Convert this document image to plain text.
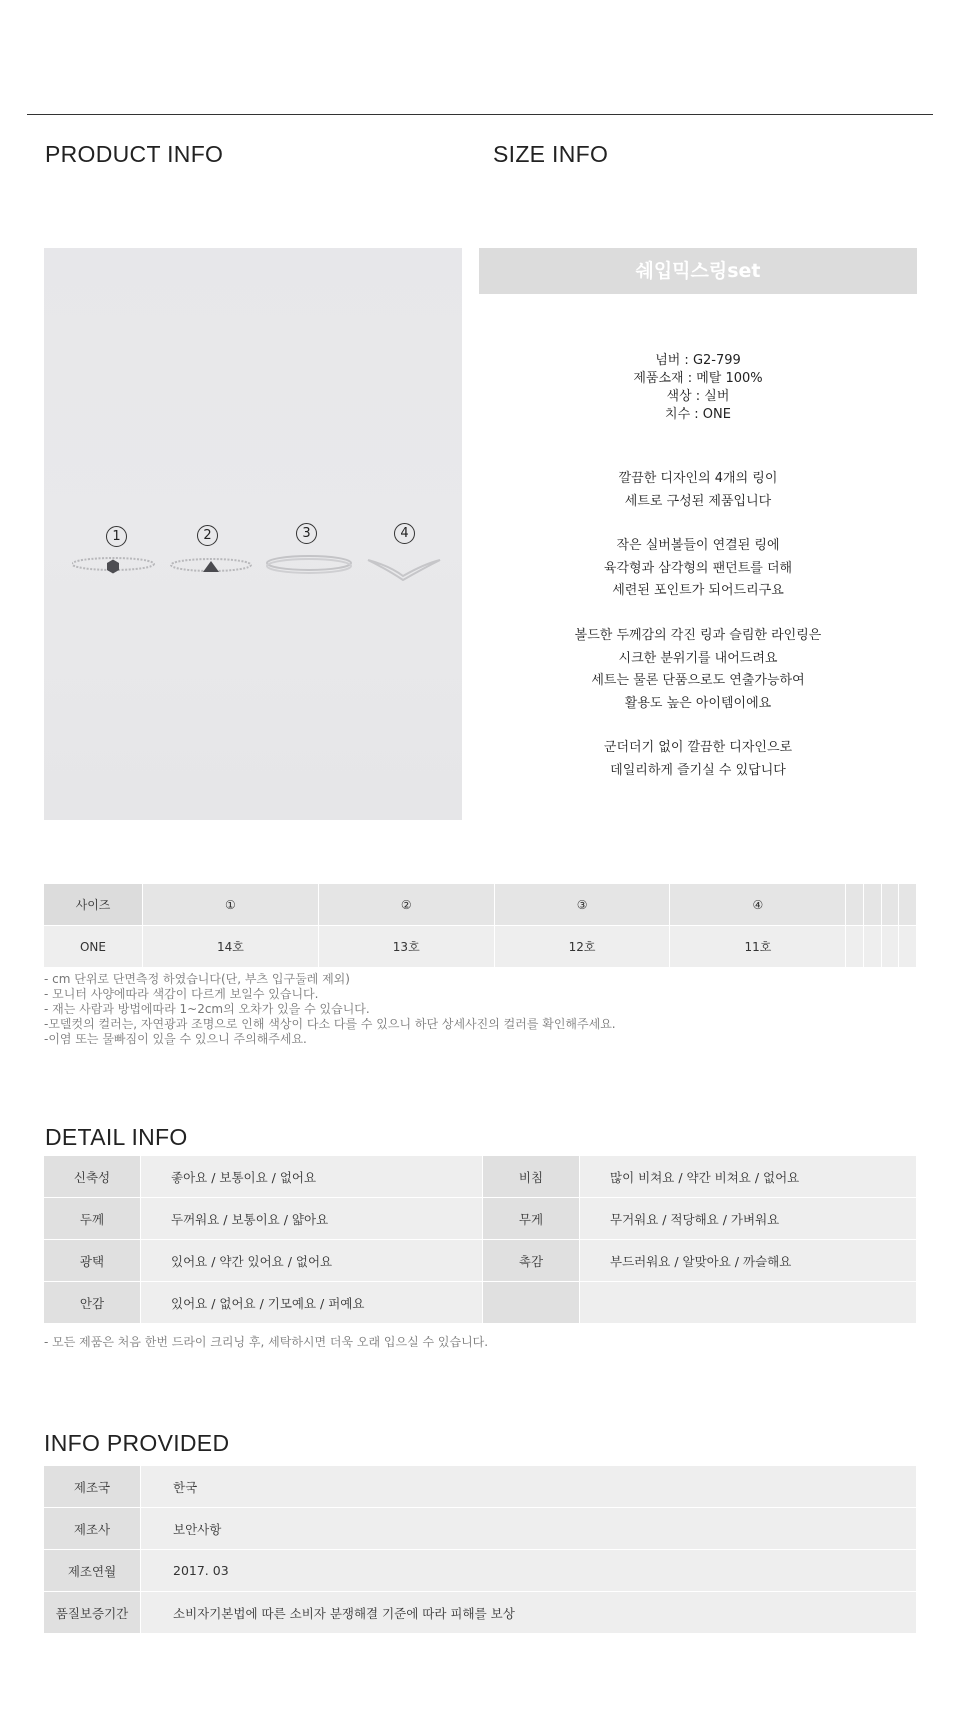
PRODUCT INFO	SIZE INFO
1	2	3	4
쉐입믹스링set
넘버 : G2-799
제품소재 : 메탈 100%
색상 : 실버
치수 : ONE
깔끔한 디자인의 4개의 링이
세트로 구성된 제품입니다
작은 실버볼들이 연결된 링에
육각형과 삼각형의 팬던트를 더해
세련된 포인트가 되어드리구요
볼드한 두께감의 각진 링과 슬림한 라인링은
시크한 분위기를 내어드려요
세트는 물론 단품으로도 연출가능하여
활용도 높은 아이템이에요
군더더기 없이 깔끔한 디자인으로
데일리하게 즐기실 수 있답니다
사이즈	①	②	③	④				
ONE	14호	13호	12호	11호				
- cm 단위로 단면측정 하였습니다(단, 부츠 입구둘레 제외)
- 모니터 사양에따라 색감이 다르게 보일수 있습니다.
- 재는 사람과 방법에따라 1~2cm의 오차가 있을 수 있습니다.
-모델컷의 컬러는, 자연광과 조명으로 인해 색상이 다소 다를 수 있으니 하단 상세사진의 컬러를 확인해주세요.
-이염 또는 물빠짐이 있을 수 있으니 주의해주세요.
DETAIL INFO
신축성	좋아요 / 보통이요 / 없어요	비침	많이 비쳐요 / 약간 비쳐요 / 없어요
두께	두꺼워요 / 보통이요 / 얇아요	무게	무거워요 / 적당해요 / 가벼워요
광택	있어요 / 약간 있어요 / 없어요	촉감	부드러워요 / 알맞아요 / 까슬해요
안감	있어요 / 없어요 / 기모예요 / 퍼예요		
- 모든 제품은 처음 한번 드라이 크리닝 후, 세탁하시면 더욱 오래 입으실 수 있습니다.
INFO PROVIDED
제조국	한국
제조사	보안사항
제조연월	2017. 03
품질보증기간	소비자기본법에 따른 소비자 분쟁해결 기준에 따라 피해를 보상
